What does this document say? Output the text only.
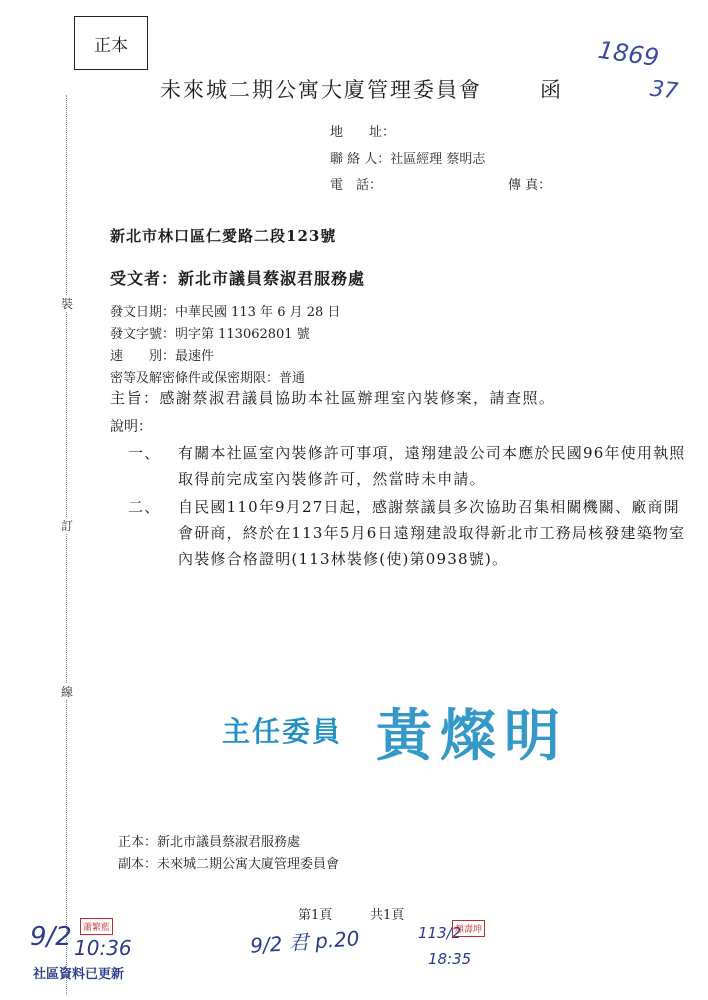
正本	1869
37
未來城二期公寓大廈管理委員會	函
地　　址：
聯 絡 人：社區經理 蔡明志
電　話：	傳 真：
新北市林口區仁愛路二段123號
受文者：新北市議員蔡淑君服務處
發文日期：中華民國 113 年 6 月 28 日
發文字號：明字第 113062801 號
速　　別：最速件
密等及解密條件或保密期限：普通
主旨：感謝蔡淑君議員協助本社區辦理室內裝修案，請查照。
說明：
一、 有關本社區室內裝修許可事項，遠翔建設公司本應於民國96年使用執照取得前完成室內裝修許可，然當時未申請。
二、 自民國110年9月27日起，感謝蔡議員多次協助召集相關機關、廠商開會研商，終於在113年5月6日遠翔建設取得新北市工務局核發建築物室內裝修合格證明(113林裝修(使)第0938號)。
裝
訂
線
主任委員 黃燦明
正本：新北市議員蔡淑君服務處
副本：未來城二期公寓大廈管理委員會
第1頁	共1頁
9/2	蕭繁藍
10:36	9/2 君 p.20	113/2
顏壽坤
18:35
社區資料已更新
